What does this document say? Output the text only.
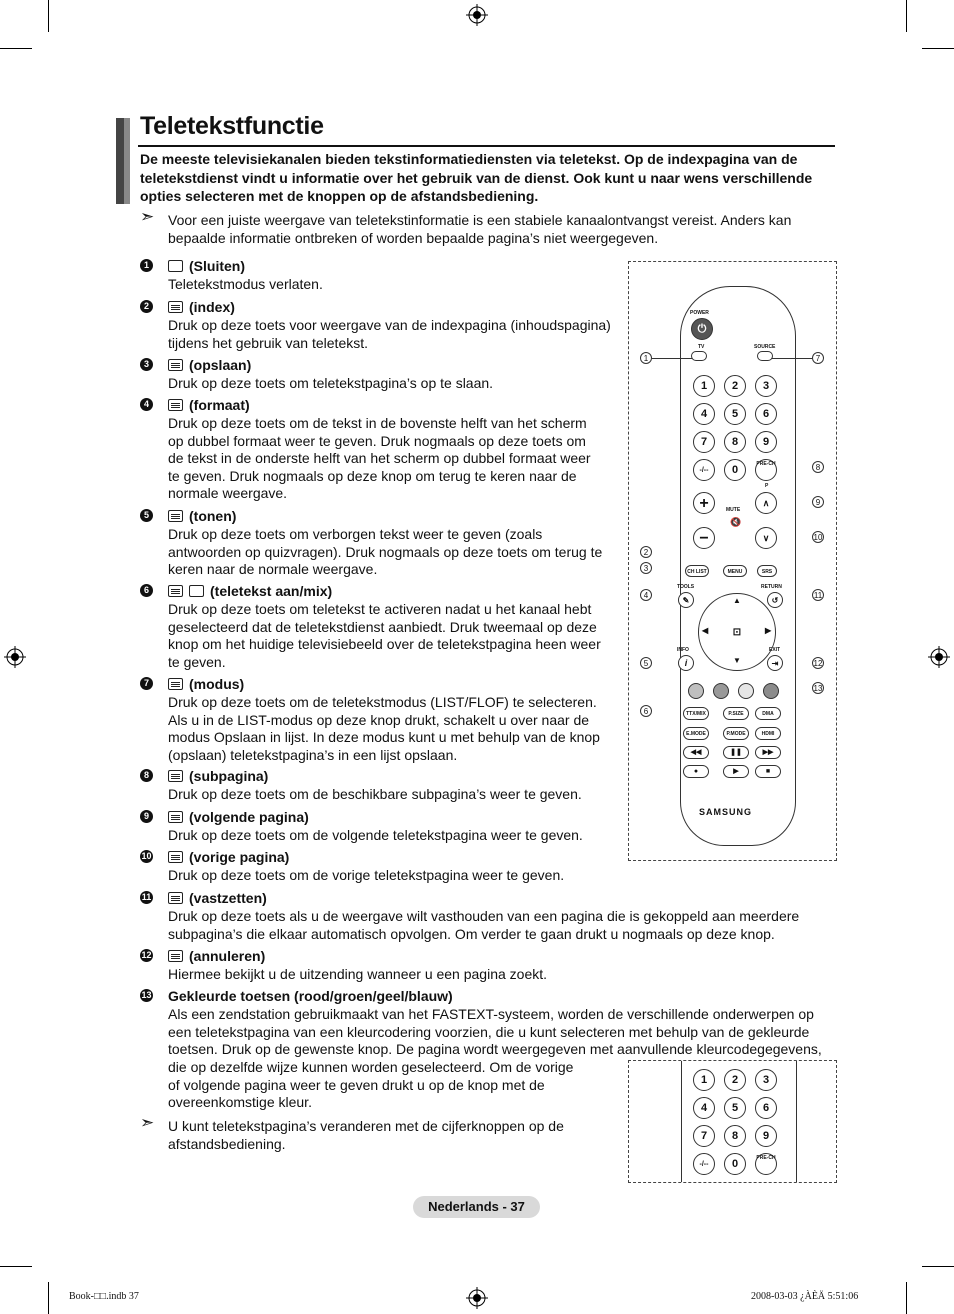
Teletekstfunctie
De meeste televisiekanalen bieden tekstinformatiediensten via teletekst. Op de indexpagina van de teletekstdienst vindt u informatie over het gebruik van de dienst. Ook kunt u naar wens verschillende opties selecteren met de knoppen op de afstandsbediening.
➣ Voor een juiste weergave van teletekstinformatie is een stabiele kanaalontvangst vereist. Anders kan bepaalde informatie ontbreken of worden bepaalde pagina’s niet weergegeven.
1	(Sluiten)
Teletekstmodus verlaten.
2	(index)
Druk op deze toets voor weergave van de indexpagina (inhoudspagina) tijdens het gebruik van teletekst.
3	(opslaan)
Druk op deze toets om teletekstpagina’s op te slaan.
4	(formaat)
Druk op deze toets om de tekst in de bovenste helft van het scherm op dubbel formaat weer te geven. Druk nogmaals op deze toets om de tekst in de onderste helft van het scherm op dubbel formaat weer te geven. Druk nogmaals op deze knop om terug te keren naar de normale weergave.
5	(tonen)
Druk op deze toets om verborgen tekst weer te geven (zoals antwoorden op quizvragen). Druk nogmaals op deze toets om terug te keren naar de normale weergave.
6	(teletekst aan/mix)
Druk op deze toets om teletekst te activeren nadat u het kanaal hebt geselecteerd dat de teletekstdienst aanbiedt. Druk tweemaal op deze knop om het huidige televisiebeeld over de teletekstpagina heen weer te geven.
7	(modus)
Druk op deze toets om de teletekstmodus (LIST/FLOF) te selecteren. Als u in de LIST-modus op deze knop drukt, schakelt u over naar de modus Opslaan in lijst. In deze modus kunt u met behulp van de knop (opslaan) teletekstpagina’s in een lijst opslaan.
8	(subpagina)
Druk op deze toets om de beschikbare subpagina’s weer te geven.
9	(volgende pagina)
Druk op deze toets om de volgende teletekstpagina weer te geven.
10	(vorige pagina)
Druk op deze toets om de vorige teletekstpagina weer te geven.
11	(vastzetten)
Druk op deze toets als u de weergave wilt vasthouden van een pagina die is gekoppeld aan meerdere subpagina’s die elkaar automatisch opvolgen. Om verder te gaan drukt u nogmaals op deze knop.
12	(annuleren)
Hiermee bekijkt u de uitzending wanneer u een pagina zoekt.
13 Gekleurde toetsen (rood/groen/geel/blauw)
Als een zendstation gebruikmaakt van het FASTEXT-systeem, worden de verschillende onderwerpen op een teletekstpagina van een kleurcodering voorzien, die u kunt selecteren met behulp van de gekleurde toetsen. Druk op de gewenste knop. De pagina wordt weergegeven met aanvullende kleurcodegegevens,
die op dezelfde wijze kunnen worden geselecteerd. Om de vorige of volgende pagina weer te geven drukt u op de knop met de overeenkomstige kleur.
➣ U kunt teletekstpagina’s veranderen met de cijferknoppen op de afstandsbediening.
POWER
⏻
TV	SOURCE
1	2	3
4	5	6
7	8	9
-/--	0	PRE-CH
P
+	MUTE
🔇
∧
−	∨
CH LIST	MENU	SRS
TOOLS	RETURN
✎	↺
⊡
▲
▼
◀	▶
INFO	EXIT
i	⇥
TTX/MIX	P.SIZE	DMA
E.MODE	P.MODE	HDMI
◀◀	❚❚	▶▶
●	▶	■
SAMSUNG
1	7
8
9
10
2
3
4	11
5	12
13
6
1	2	3
4	5	6
7	8	9
-/--	0	PRE-CH
Nederlands - 37
Book-□□.indb 37	2008-03-03 ¿ÀÈÄ 5:51:06
